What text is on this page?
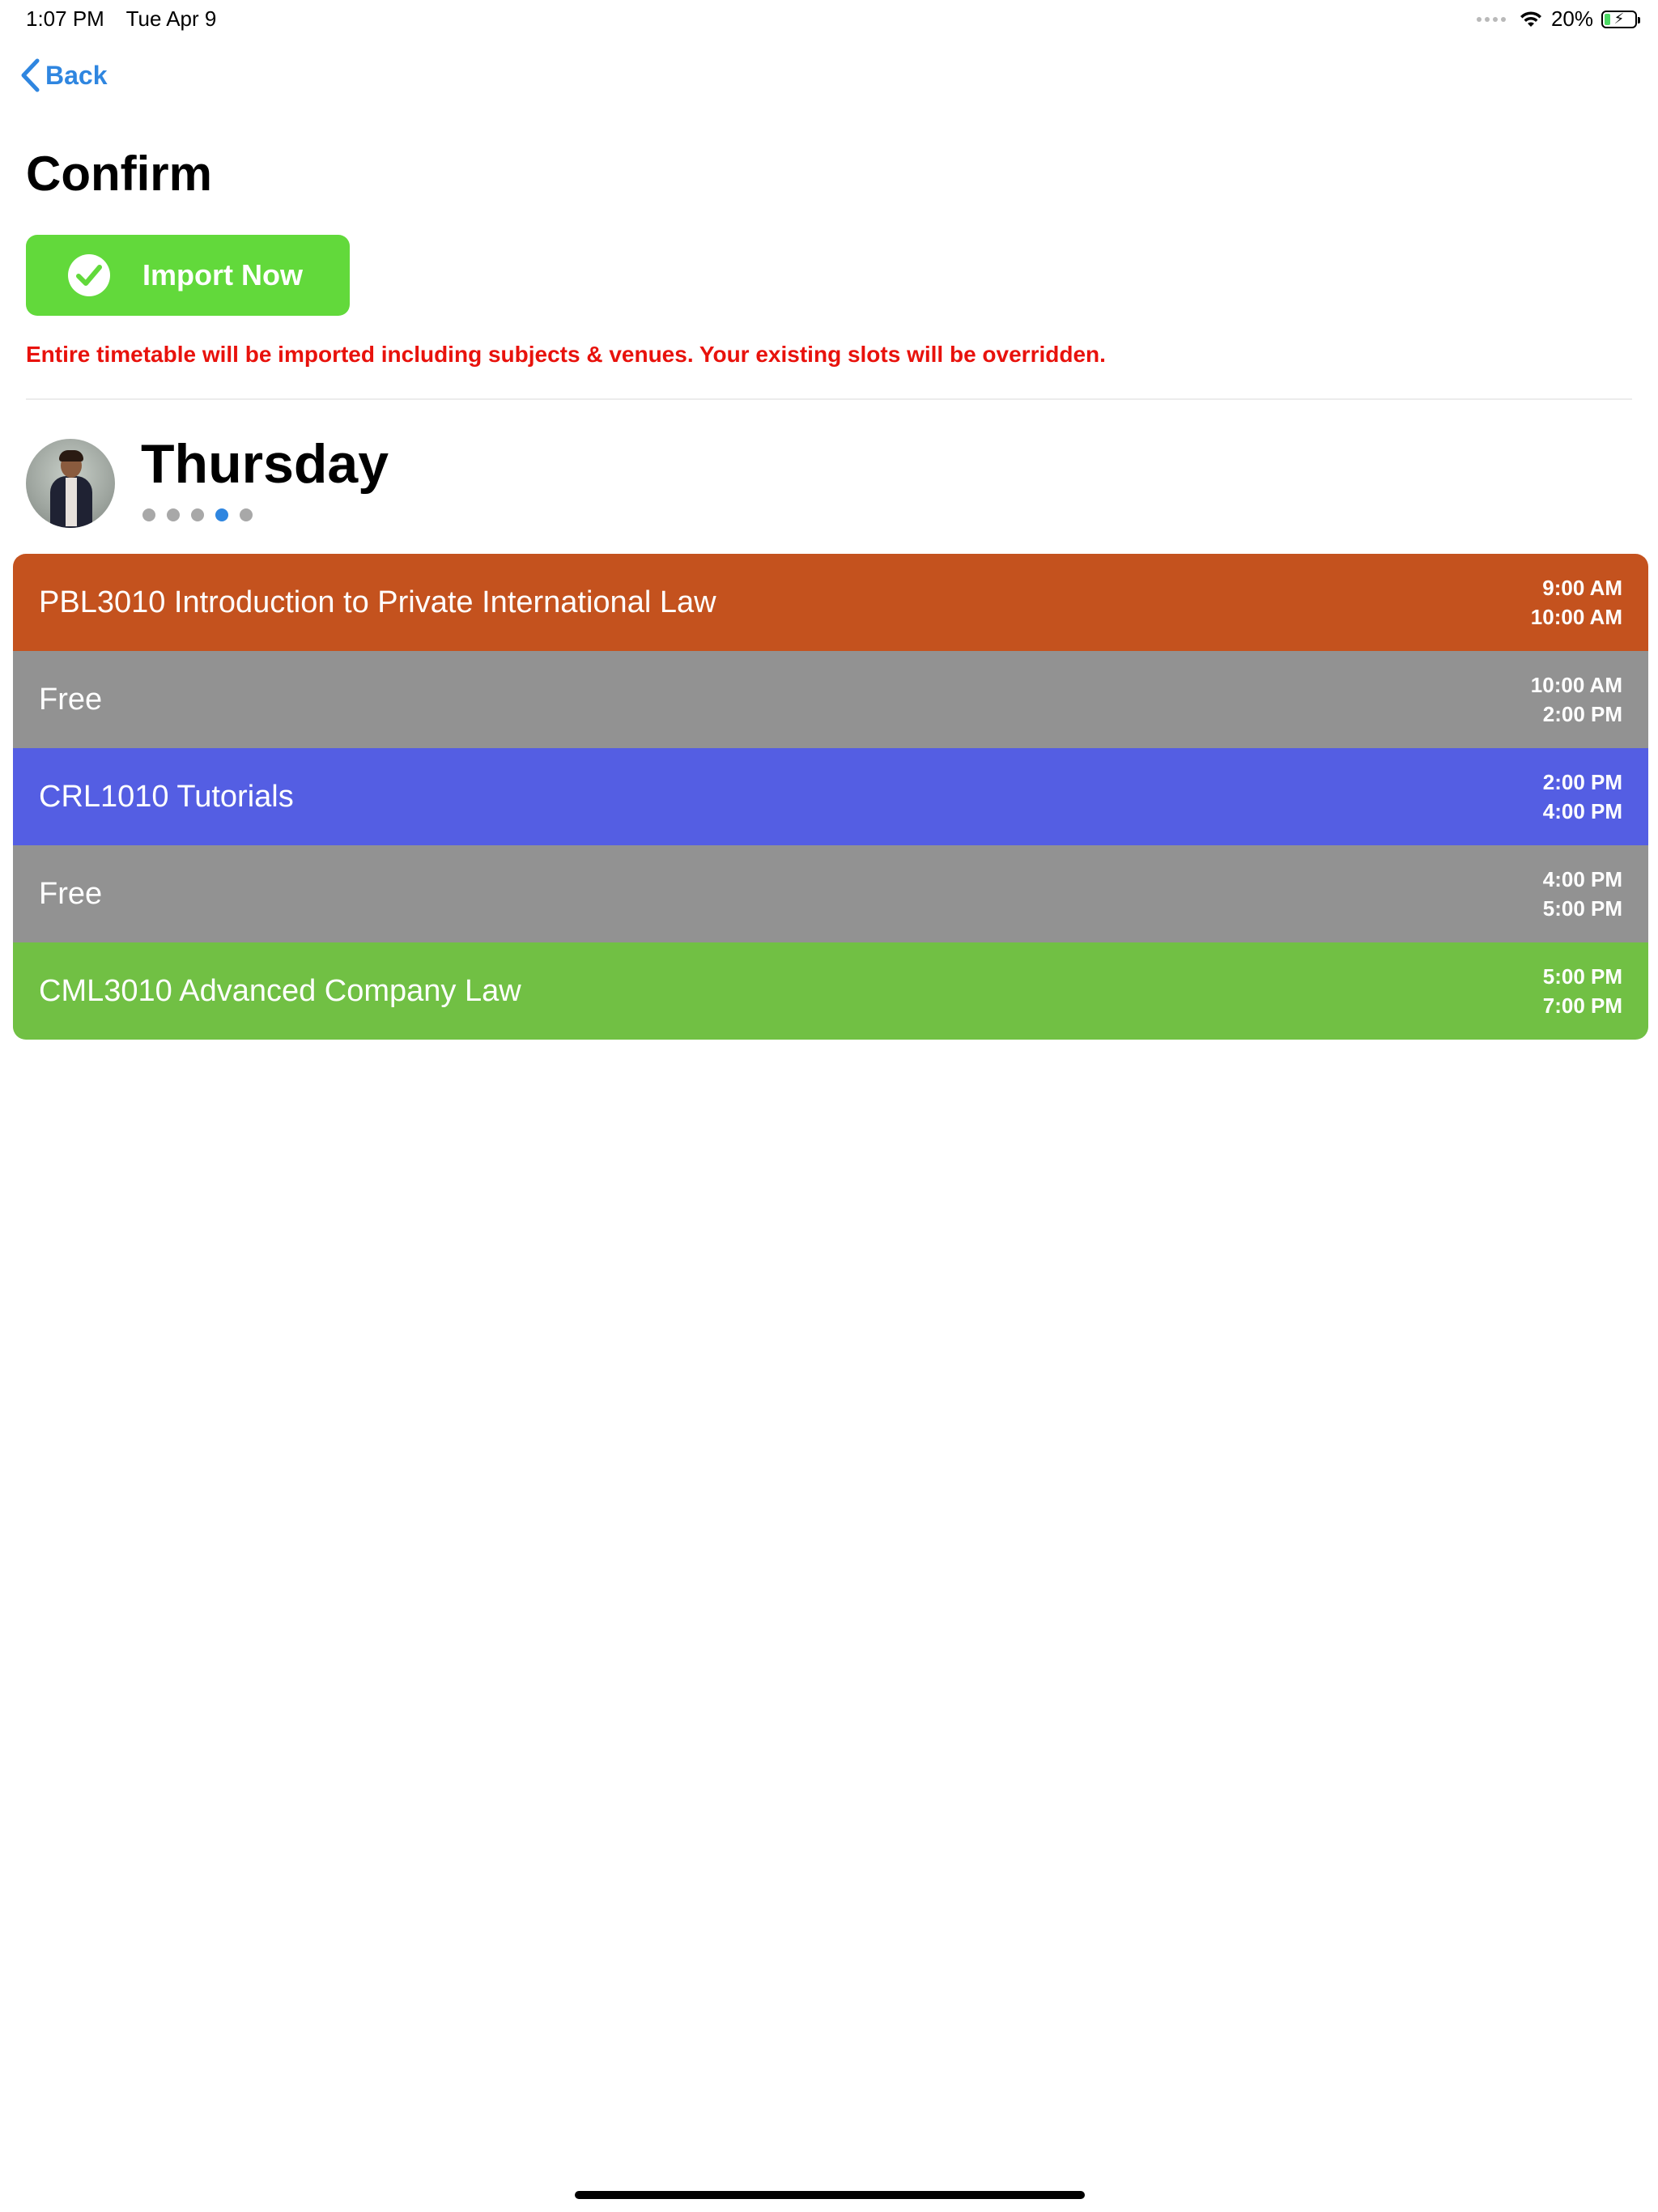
1:07 PM Tue Apr 9	20%	⚡
Back
Confirm
Import Now
Entire timetable will be imported including subjects & venues. Your existing slots will be overridden.
Thursday
PBL3010 Introduction to Private International Law	9:00 AM
10:00 AM
Free	10:00 AM
2:00 PM
CRL1010 Tutorials	2:00 PM
4:00 PM
Free	4:00 PM
5:00 PM
CML3010 Advanced Company Law	5:00 PM
7:00 PM
